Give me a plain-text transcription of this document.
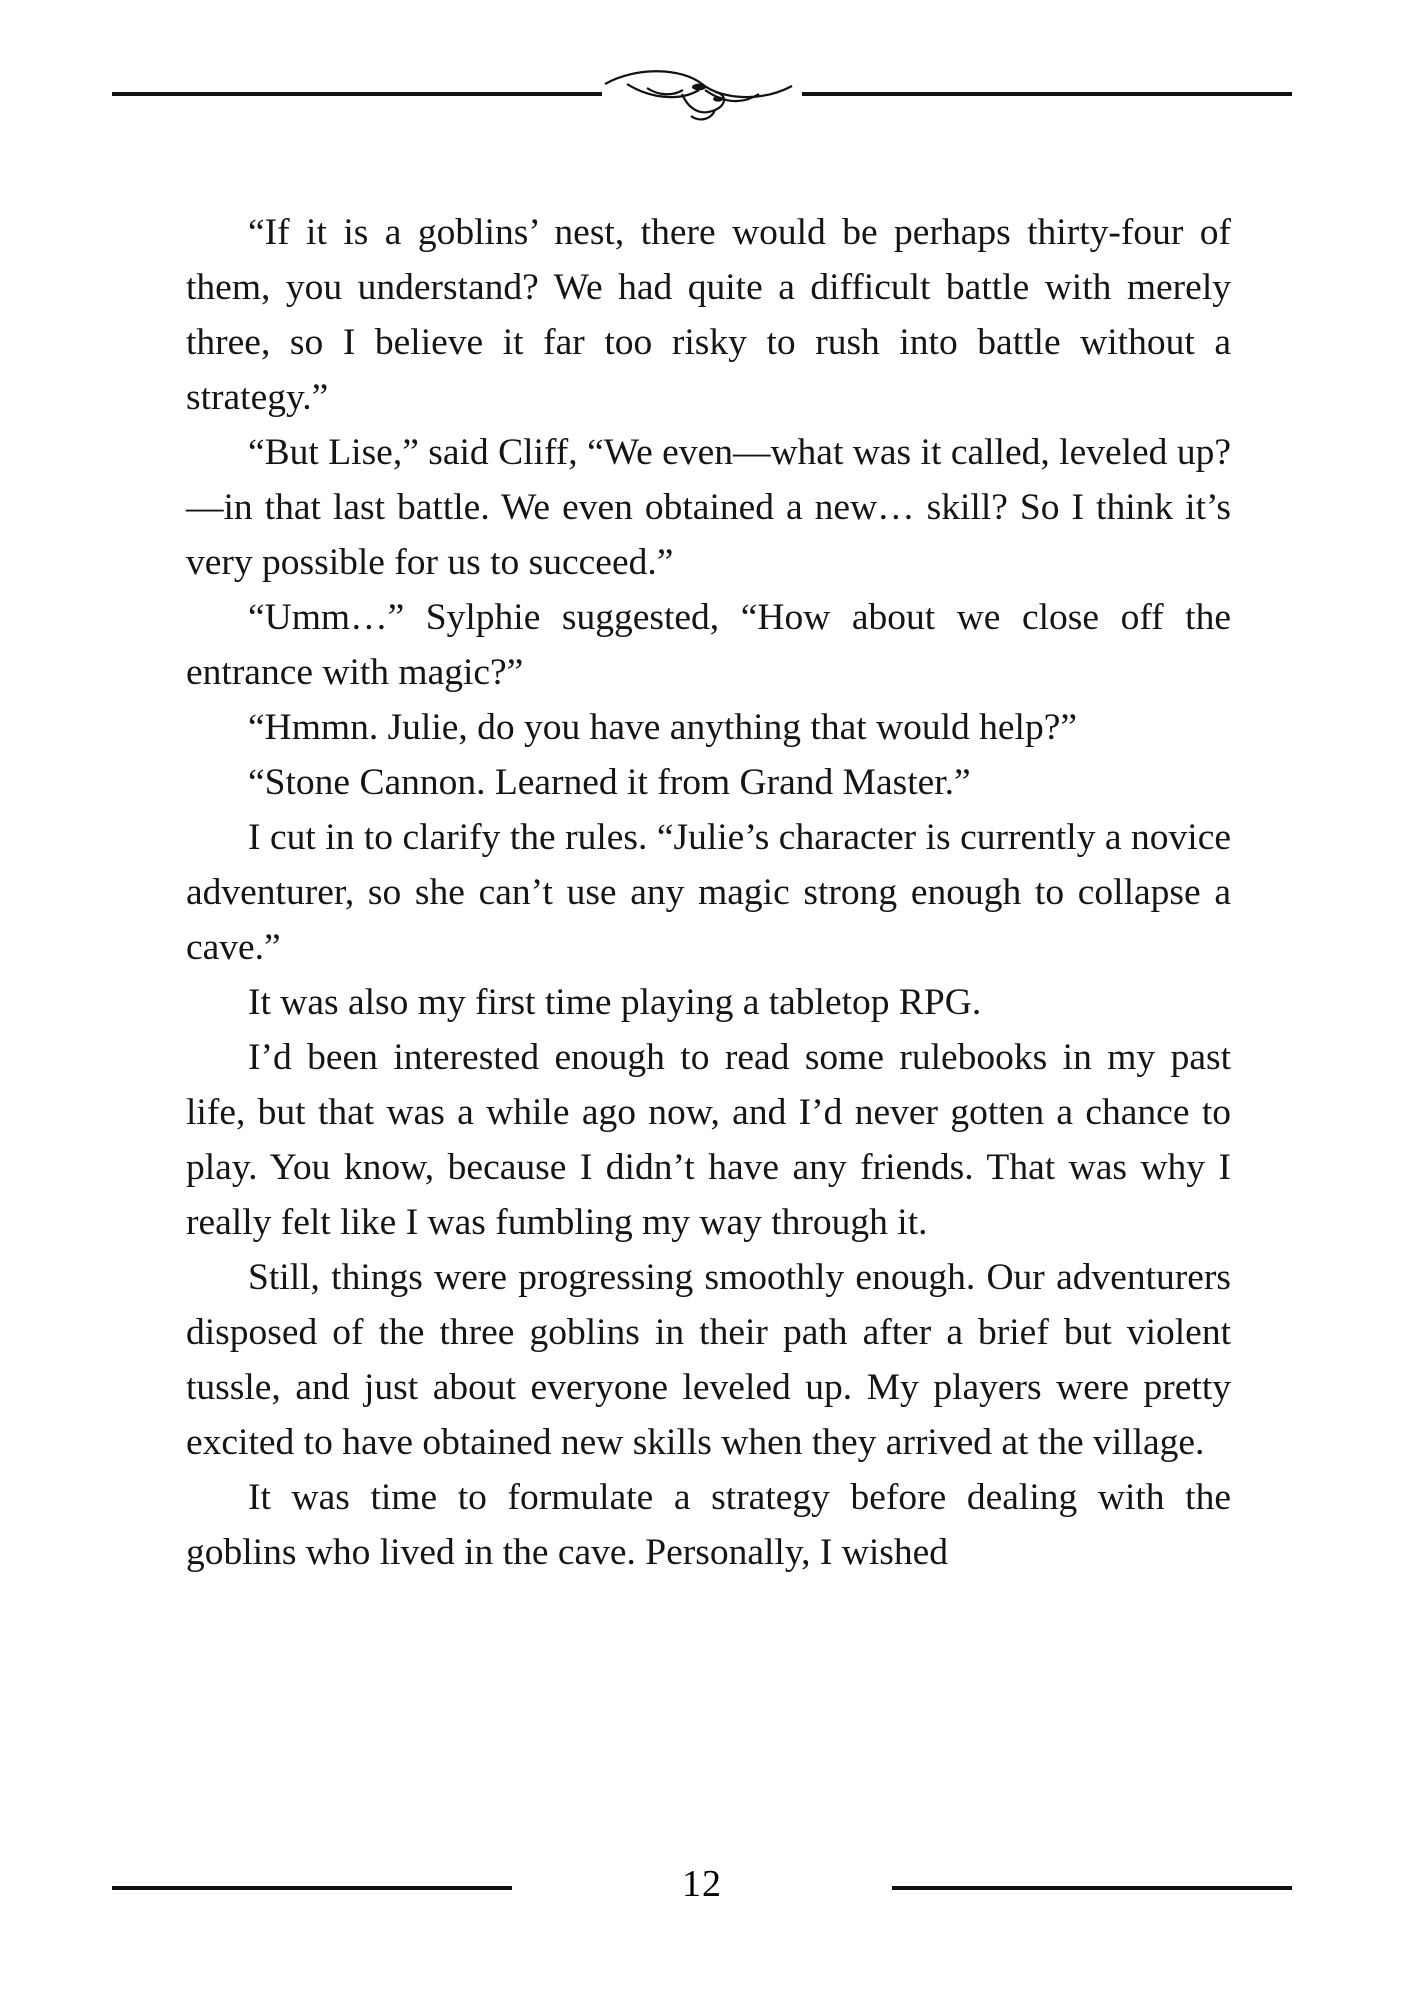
“If it is a goblins’ nest, there would be perhaps thirty-four of them, you understand? We had quite a difficult battle with merely three, so I believe it far too risky to rush into battle without a strategy.”

“But Lise,” said Cliff, “We even—what was it called, leveled up?—in that last battle. We even obtained a new… skill? So I think it’s very possible for us to succeed.”

“Umm…” Sylphie suggested, “How about we close off the entrance with magic?”

“Hmmn. Julie, do you have anything that would help?”

“Stone Cannon. Learned it from Grand Master.”

I cut in to clarify the rules. “Julie’s character is currently a novice adventurer, so she can’t use any magic strong enough to collapse a cave.”

It was also my first time playing a tabletop RPG.

I’d been interested enough to read some rulebooks in my past life, but that was a while ago now, and I’d never gotten a chance to play. You know, because I didn’t have any friends. That was why I really felt like I was fumbling my way through it.

Still, things were progressing smoothly enough. Our adventurers disposed of the three goblins in their path after a brief but violent tussle, and just about everyone leveled up. My players were pretty excited to have obtained new skills when they arrived at the village.

It was time to formulate a strategy before dealing with the goblins who lived in the cave. Personally, I wished

12
